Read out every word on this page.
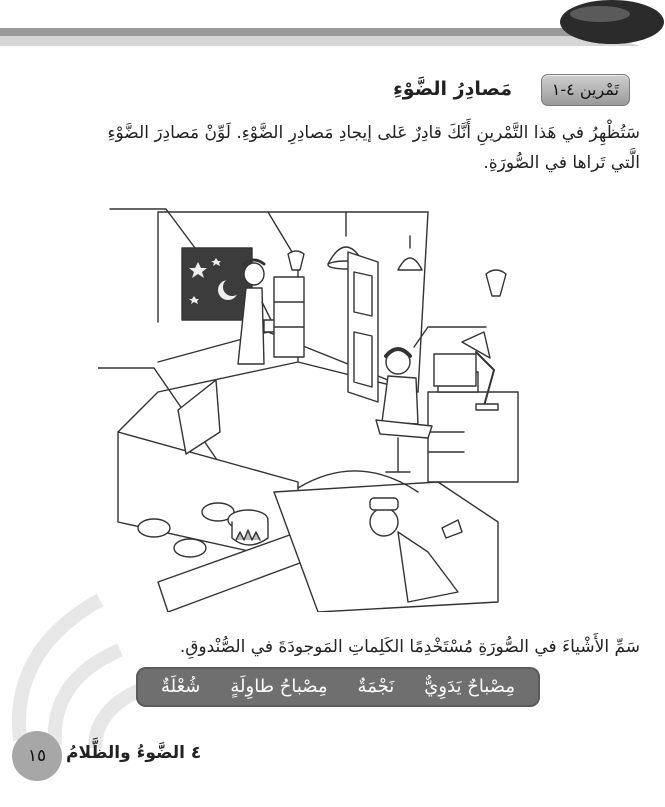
تَمْرين ٤-١
مَصادِرُ الضَّوْءِ
سَتُظْهِرُ في هَذا التَّمْرينِ أَنَّكَ قادِرٌ عَلى إيجادِ مَصادِرِ الضَّوْءِ. لَوِّنْ مَصادِرَ الضَّوْءِ الَّتي تَراها في الصُّورَةِ.
سَمِّ الأَشْياءَ في الصُّورَةِ مُسْتَخْدِمًا الكَلِماتِ المَوجودَةَ في الصُّنْدوقِ.
شُعْلَةٌ مِصْباحُ طاوِلَةٍ نَجْمَةٌ مِصْباحٌ يَدَوِيٌّ
١٥	٤ الضَّوءُ والظَّلامُ
